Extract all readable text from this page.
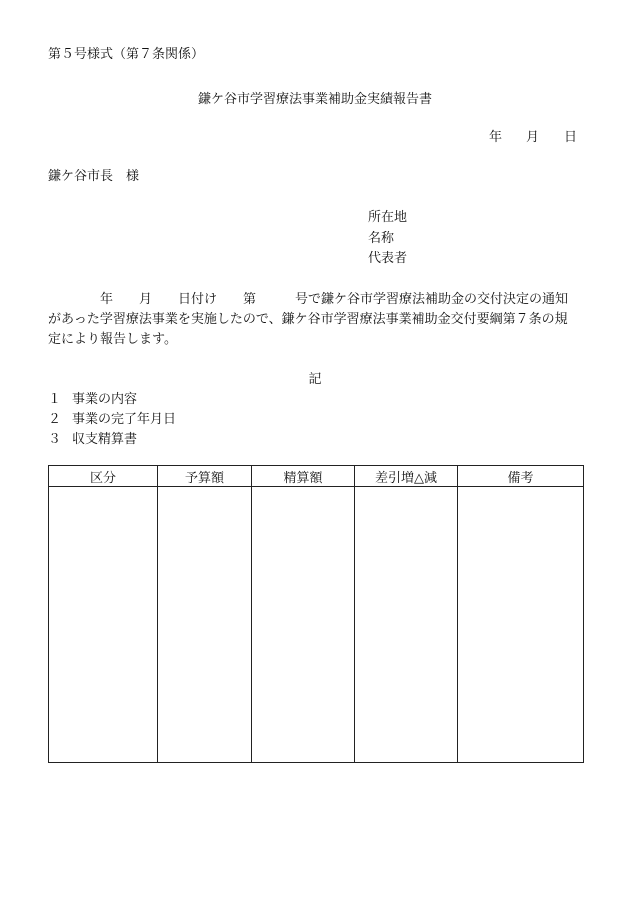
第５号様式（第７条関係）
鎌ケ谷市学習療法事業補助金実績報告書
年 月 日
鎌ケ谷市長　様
所在地
名称
代表者
　　　　年　　月　　日付け　　第　　　号で鎌ケ谷市学習療法補助金の交付決定の通知
があった学習療法事業を実施したので、鎌ケ谷市学習療法事業補助金交付要綱第７条の規
定により報告します。
記
１ 事業の内容
２ 事業の完了年月日
３ 収支精算書
区分	予算額	精算額	差引増△減	備考
